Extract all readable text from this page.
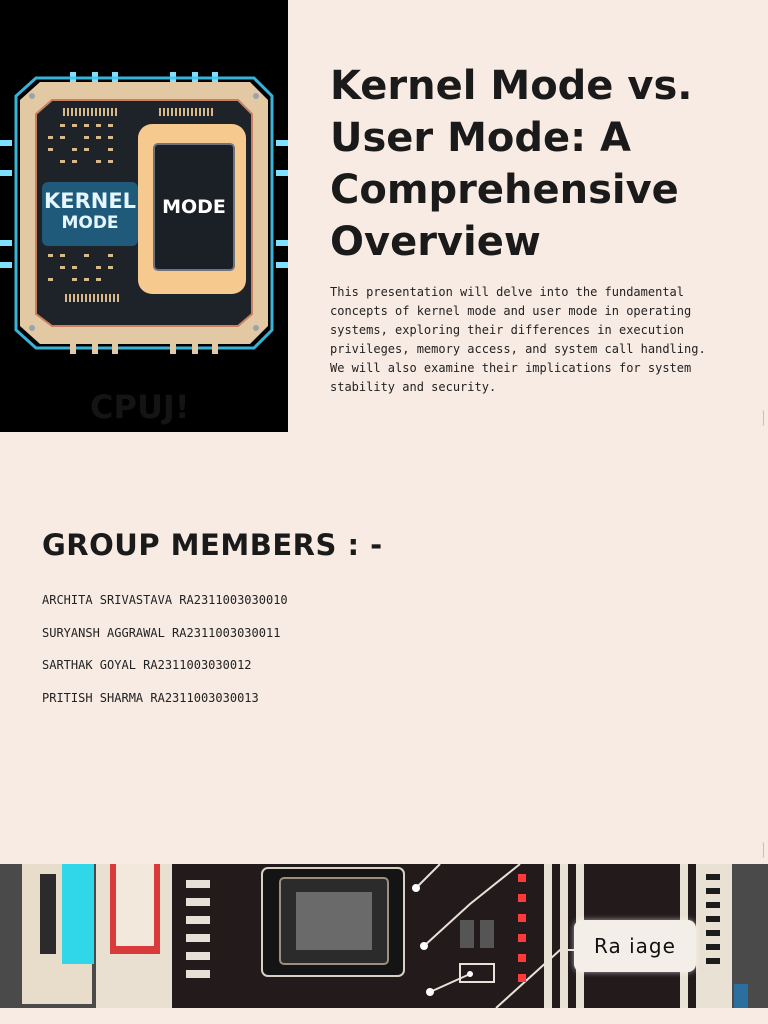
KERNEL
MODE
MODE
CPUJ!
Kernel Mode vs. User Mode: A Comprehensive Overview

This presentation will delve into the fundamental concepts of kernel mode and user mode in operating systems, exploring their differences in execution privileges, memory access, and system call handling. We will also examine their implications for system stability and security.

GROUP MEMBERS : -
ARCHITA SRIVASTAVA RA2311003030010
SURYANSH AGGRAWAL RA2311003030011
SARTHAK GOYAL RA2311003030012
PRITISH SHARMA RA2311003030013
Ra iage
